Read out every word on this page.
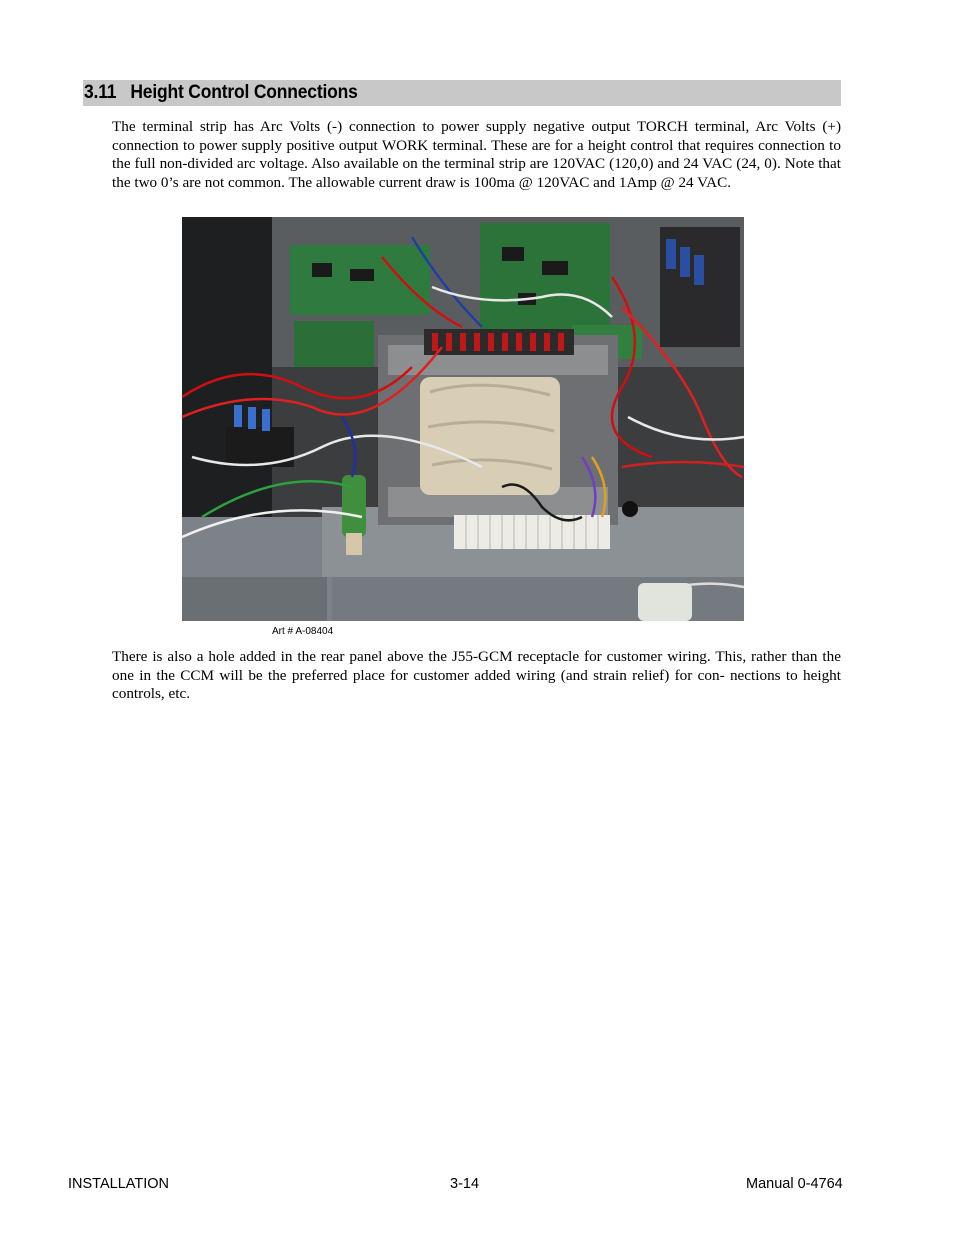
3.11 Height Control Connections
The terminal strip has Arc Volts (-) connection to power supply negative output TORCH terminal, Arc Volts (+) connection to power supply positive output WORK terminal. These are for a height control that requires connection to the full non-divided arc voltage. Also available on the terminal strip are 120VAC (120,0) and 24 VAC (24, 0). Note that the two 0’s are not common. The allowable current draw is 100ma @ 120VAC and 1Amp @ 24 VAC.
Art # A-08404
There is also a hole added in the rear panel above the J55-GCM receptacle for customer wiring. This, rather than the one in the CCM will be the preferred place for customer added wiring (and strain relief) for con- nections to height controls, etc.
INSTALLATION	3-14	Manual 0-4764
